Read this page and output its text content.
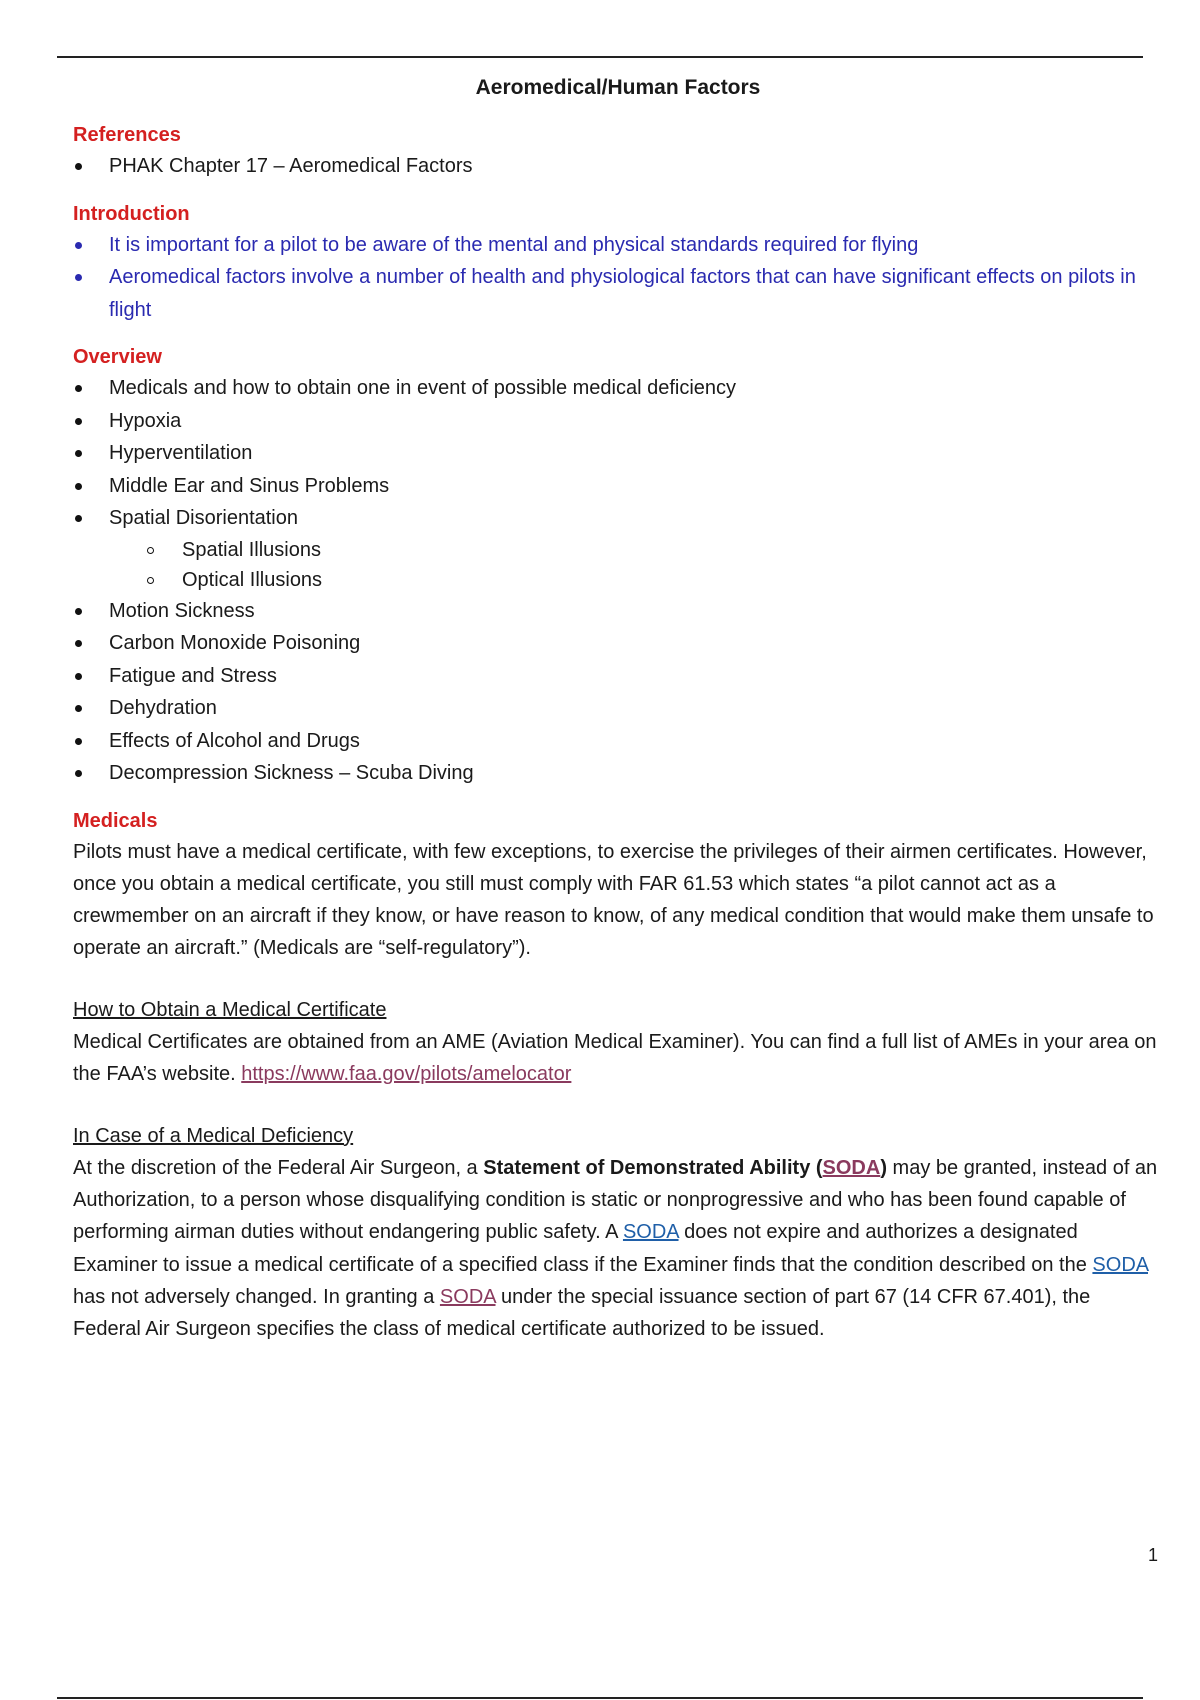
Aeromedical/Human Factors
References
PHAK Chapter 17 – Aeromedical Factors
Introduction
It is important for a pilot to be aware of the mental and physical standards required for flying
Aeromedical factors involve a number of health and physiological factors that can have significant effects on pilots in flight
Overview
Medicals and how to obtain one in event of possible medical deficiency
Hypoxia
Hyperventilation
Middle Ear and Sinus Problems
Spatial Disorientation
Spatial Illusions
Optical Illusions
Motion Sickness
Carbon Monoxide Poisoning
Fatigue and Stress
Dehydration
Effects of Alcohol and Drugs
Decompression Sickness – Scuba Diving
Medicals

Pilots must have a medical certificate, with few exceptions, to exercise the privileges of their airmen certificates. However, once you obtain a medical certificate, you still must comply with FAR 61.53 which states “a pilot cannot act as a crewmember on an aircraft if they know, or have reason to know, of any medical condition that would make them unsafe to operate an aircraft.” (Medicals are “self-regulatory”).

How to Obtain a Medical Certificate
Medical Certificates are obtained from an AME (Aviation Medical Examiner). You can find a full list of AMEs in your area on the FAA’s website. https://www.faa.gov/pilots/amelocator

In Case of a Medical Deficiency
At the discretion of the Federal Air Surgeon, a Statement of Demonstrated Ability (SODA) may be granted, instead of an Authorization, to a person whose disqualifying condition is static or nonprogressive and who has been found capable of performing airman duties without endangering public safety. A SODA does not expire and authorizes a designated Examiner to issue a medical certificate of a specified class if the Examiner finds that the condition described on the SODA has not adversely changed. In granting a SODA under the special issuance section of part 67 (14 CFR 67.401), the Federal Air Surgeon specifies the class of medical certificate authorized to be issued.

1
